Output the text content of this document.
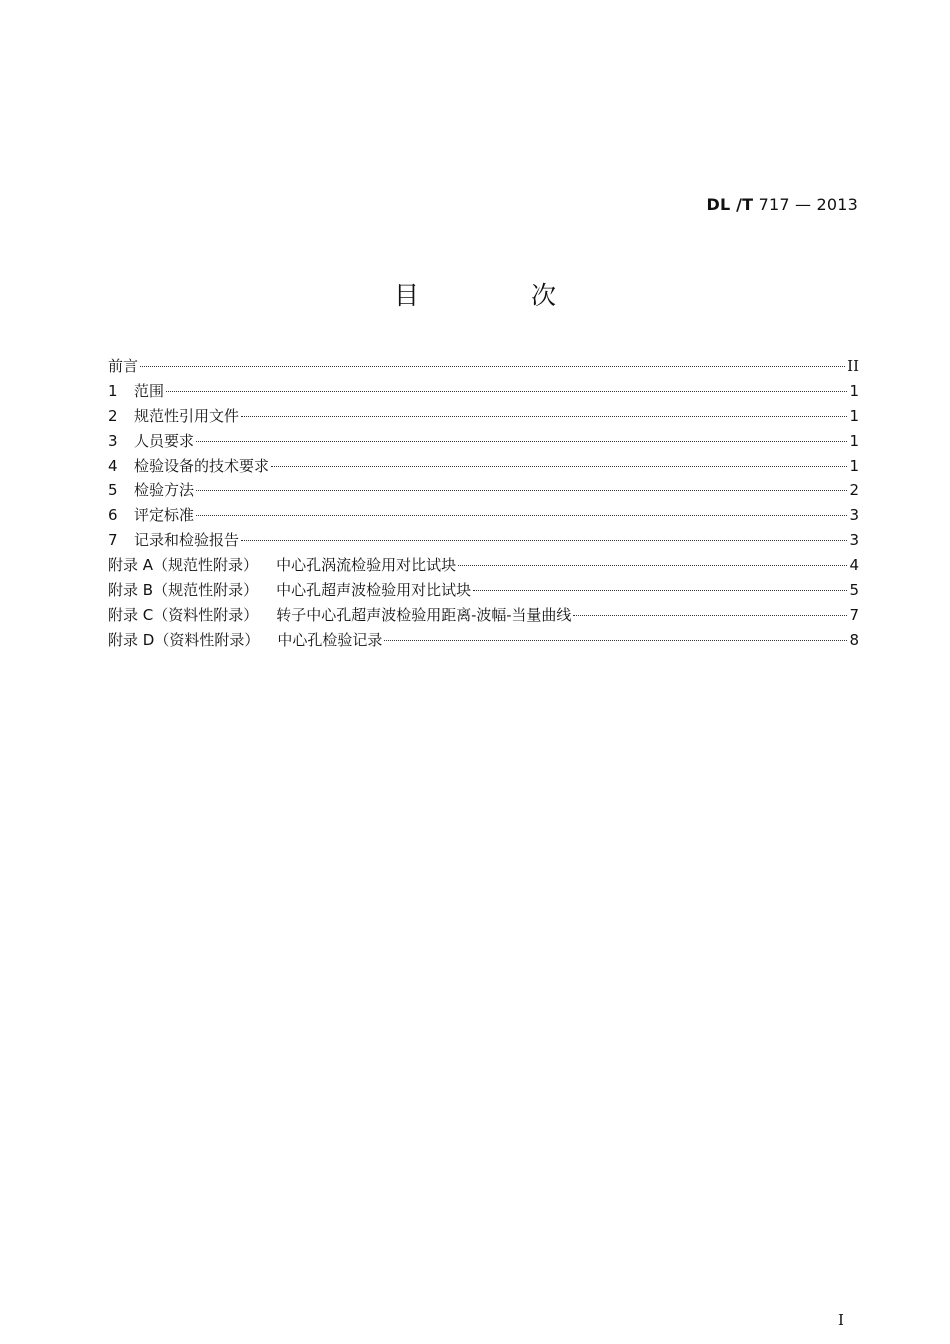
DL /T 717 — 2013
目 次
前言	II
1	范围	1
2	规范性引用文件	1
3	人员要求	1
4	检验设备的技术要求	1
5	检验方法	2
6	评定标准	3
7	记录和检验报告	3
附录 A（规范性附录） 中心孔涡流检验用对比试块	4
附录 B（规范性附录） 中心孔超声波检验用对比试块	5
附录 C（资料性附录） 转子中心孔超声波检验用距离-波幅-当量曲线	7
附录 D（资料性附录） 中心孔检验记录	8
I
